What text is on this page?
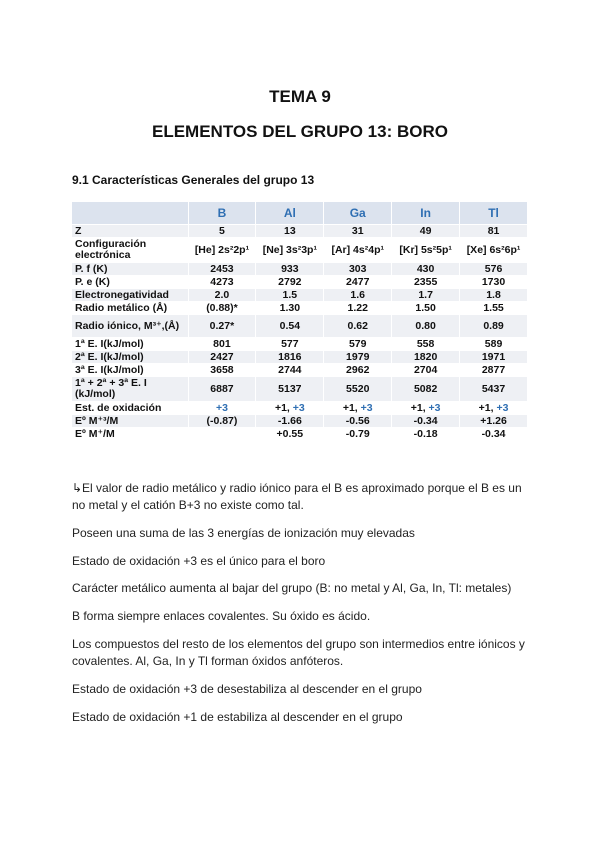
TEMA 9
ELEMENTOS DEL GRUPO 13: BORO
9.1 Características Generales del grupo 13
	B	Al	Ga	In	Tl
Z	5	13	31	49	81
Configuración electrónica	[He] 2s²2p¹	[Ne] 3s²3p¹	[Ar] 4s²4p¹	[Kr] 5s²5p¹	[Xe] 6s²6p¹
P. f (K)	2453	933	303	430	576
P. e (K)	4273	2792	2477	2355	1730
Electronegatividad	2.0	1.5	1.6	1.7	1.8
Radio metálico (Å)	(0.88)*	1.30	1.22	1.50	1.55
Radio iónico, M³⁺,(Å)	0.27*	0.54	0.62	0.80	0.89
1ª E. I(kJ/mol)	801	577	579	558	589
2ª E. I(kJ/mol)	2427	1816	1979	1820	1971
3ª E. I(kJ/mol)	3658	2744	2962	2704	2877
1ª + 2ª + 3ª E. I (kJ/mol)	6887	5137	5520	5082	5437
Est. de oxidación	+3	+1, +3	+1, +3	+1, +3	+1, +3
Eº M⁺³/M	(-0.87)	-1.66	-0.56	-0.34	+1.26
Eº M⁺/M		+0.55	-0.79	-0.18	-0.34
↳El valor de radio metálico y radio iónico para el B es aproximado porque el B es un no metal y el catión B+3 no existe como tal.
Poseen una suma de las 3 energías de ionización muy elevadas
Estado de oxidación +3 es el único para el boro
Carácter metálico aumenta al bajar del grupo (B: no metal y Al, Ga, In, Tl: metales)
B forma siempre enlaces covalentes. Su óxido es ácido.
Los compuestos del resto de los elementos del grupo son intermedios entre iónicos y covalentes. Al, Ga, In y Tl forman óxidos anfóteros.
Estado de oxidación +3 de desestabiliza al descender en el grupo
Estado de oxidación +1 de estabiliza al descender en el grupo
